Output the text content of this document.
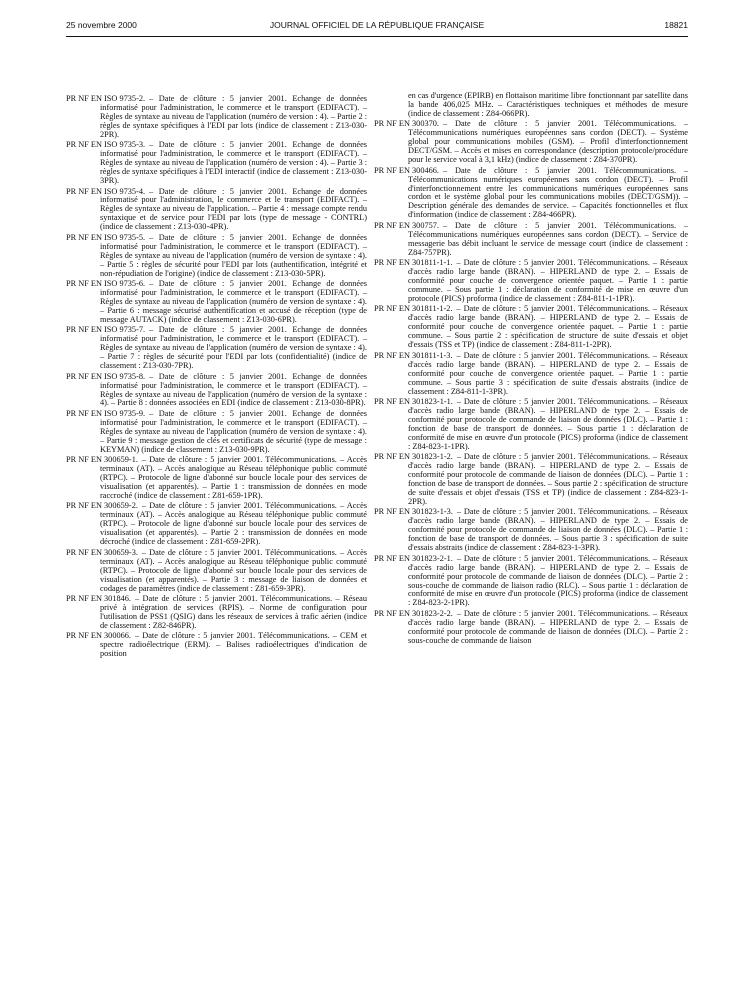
25 novembre 2000	JOURNAL OFFICIEL DE LA RÉPUBLIQUE FRANÇAISE	18821
PR NF EN ISO 9735-2. – Date de clôture : 5 janvier 2001. Echange de données informatisé pour l'administration, le commerce et le transport (EDIFACT). – Règles de syntaxe au niveau de l'application (numéro de version : 4). – Partie 2 : règles de syntaxe spécifiques à l'EDI par lots (indice de classement : Z13-030-2PR).
PR NF EN ISO 9735-3. – Date de clôture : 5 janvier 2001. Echange de données informatisé pour l'administration, le commerce et le transport (EDIFACT). – Règles de syntaxe au niveau de l'application (numéro de version : 4). – Partie 3 : règles de syntaxe spécifiques à l'EDI interactif (indice de classement : Z13-030-3PR).
PR NF EN ISO 9735-4. – Date de clôture : 5 janvier 2001. Echange de données informatisé pour l'administration, le commerce et le transport (EDIFACT). – Règles de syntaxe au niveau de l'application. – Partie 4 : message compte rendu syntaxique et de service pour l'EDI par lots (type de message - CONTRL) (indice de classement : Z13-030-4PR).
PR NF EN ISO 9735-5. – Date de clôture : 5 janvier 2001. Echange de données informatisé pour l'administration, le commerce et le transport (EDIFACT). – Règles de syntaxe au niveau de l'application (numéro de version de syntaxe : 4). – Partie 5 : règles de sécurité pour l'EDI par lots (authentification, intégrité et non-répudiation de l'origine) (indice de classement : Z13-030-5PR).
PR NF EN ISO 9735-6. – Date de clôture : 5 janvier 2001. Echange de données informatisé pour l'administration, le commerce et le transport (EDIFACT). – Règles de syntaxe au niveau de l'application (numéro de version de syntaxe : 4). – Partie 6 : message sécurisé authentification et accusé de réception (type de message AUTACK) (indice de classement : Z13-030-6PR).
PR NF EN ISO 9735-7. – Date de clôture : 5 janvier 2001. Echange de données informatisé pour l'administration, le commerce et le transport (EDIFACT). – Règles de syntaxe au niveau de l'application (numéro de version de syntaxe : 4). – Partie 7 : règles de sécurité pour l'EDI par lots (confidentialité) (indice de classement : Z13-030-7PR).
PR NF EN ISO 9735-8. – Date de clôture : 5 janvier 2001. Echange de données informatisé pour l'administration, le commerce et le transport (EDIFACT). – Règles de syntaxe au niveau de l'application (numéro de version de la syntaxe : 4). – Partie 8 : données associées en EDI (indice de classement : Z13-030-8PR).
PR NF EN ISO 9735-9. – Date de clôture : 5 janvier 2001. Echange de données informatisé pour l'administration, le commerce et le transport (EDIFACT). – Règles de syntaxe au niveau de l'application (numéro de version de syntaxe : 4). – Partie 9 : message gestion de clés et certificats de sécurité (type de message : KEYMAN) (indice de classement : Z13-030-9PR).
PR NF EN 300659-1. – Date de clôture : 5 janvier 2001. Télécommunications. – Accès terminaux (AT). – Accès analogique au Réseau téléphonique public commuté (RTPC). – Protocole de ligne d'abonné sur boucle locale pour des services de visualisation (et apparentés). – Partie 1 : transmission de données en mode raccroché (indice de classement : Z81-659-1PR).
PR NF EN 300659-2. – Date de clôture : 5 janvier 2001. Télécommunications. – Accès terminaux (AT). – Accès analogique au Réseau téléphonique public commuté (RTPC). – Protocole de ligne d'abonné sur boucle locale pour des services de visualisation (et apparentés). – Partie 2 : transmission de données en mode décroché (indice de classement : Z81-659-2PR).
PR NF EN 300659-3. – Date de clôture : 5 janvier 2001. Télécommunications. – Accès terminaux (AT). – Accès analogique au Réseau téléphonique public commuté (RTPC). – Protocole de ligne d'abonné sur boucle locale pour des services de visualisation (et apparentés). – Partie 3 : message de liaison de données et codages de paramètres (indice de classement : Z81-659-3PR).
PR NF EN 301846. – Date de clôture : 5 janvier 2001. Télécommunications. – Réseau privé à intégration de services (RPIS). – Norme de configuration pour l'utilisation de PSS1 (QSIG) dans les réseaux de services à trafic aérien (indice de classement : Z82-846PR).
PR NF EN 300066. – Date de clôture : 5 janvier 2001. Télécommunications. – CEM et spectre radioélectrique (ERM). – Balises radioélectriques d'indication de position
en cas d'urgence (EPIRB) en flottaison maritime libre fonctionnant par satellite dans la bande 406,025 MHz. – Caractéristiques techniques et méthodes de mesure (indice de classement : Z84-066PR).
PR NF EN 300370. – Date de clôture : 5 janvier 2001. Télécommunications. – Télécommunications numériques européennes sans cordon (DECT). – Système global pour communications mobiles (GSM). – Profil d'interfonctionnement DECT/GSM. – Accès et mises en correspondance (description protocole/procédure pour le service vocal à 3,1 kHz) (indice de classement : Z84-370PR).
PR NF EN 300466. – Date de clôture : 5 janvier 2001. Télécommunications. – Télécommunications numériques européennes sans cordon (DECT). – Profil d'interfonctionnement entre les communications numériques européennes sans cordon et le système global pour les communications mobiles (DECT/GSM)). – Description générale des demandes de service. – Capacités fonctionnelles et flux d'information (indice de classement : Z84-466PR).
PR NF EN 300757. – Date de clôture : 5 janvier 2001. Télécommunications. – Télécommunications numériques européennes sans cordon (DECT). – Service de messagerie bas débit incluant le service de message court (indice de classement : Z84-757PR).
PR NF EN 301811-1-1. – Date de clôture : 5 janvier 2001. Télécommunications. – Réseaux d'accès radio large bande (BRAN). – HIPERLAND de type 2. – Essais de conformité pour couche de convergence orientée paquet. – Partie 1 : partie commune. – Sous partie 1 : déclaration de conformité de mise en œuvre d'un protocole (PICS) proforma (indice de classement : Z84-811-1-1PR).
PR NF EN 301811-1-2. – Date de clôture : 5 janvier 2001. Télécommunications. – Réseaux d'accès radio large bande (BRAN). – HIPERLAND de type 2. – Essais de conformité pour couche de convergence orientée paquet. – Partie 1 : partie commune. – Sous partie 2 : spécification de structure de suite d'essais et objet d'essais (TSS et TP) (indice de classement : Z84-811-1-2PR).
PR NF EN 301811-1-3. – Date de clôture : 5 janvier 2001. Télécommunications. – Réseaux d'accès radio large bande (BRAN). – HIPERLAND de type 2. – Essais de conformité pour couche de convergence orientée paquet. – Partie 1 : partie commune. – Sous partie 3 : spécification de suite d'essais abstraits (indice de classement : Z84-811-1-3PR).
PR NF EN 301823-1-1. – Date de clôture : 5 janvier 2001. Télécommunications. – Réseaux d'accès radio large bande (BRAN). – HIPERLAND de type 2. – Essais de conformité pour protocole de commande de liaison de données (DLC). – Partie 1 : fonction de base de transport de données. – Sous partie 1 : déclaration de conformité de mise en œuvre d'un protocole (PICS) proforma (indice de classement : Z84-823-1-1PR).
PR NF EN 301823-1-2. – Date de clôture : 5 janvier 2001. Télécommunications. – Réseaux d'accès radio large bande (BRAN). – HIPERLAND de type 2. – Essais de conformité pour protocole de commande de liaison de données (DLC). – Partie 1 : fonction de base de transport de données. – Sous partie 2 : spécification de structure de suite d'essais et objet d'essais (TSS et TP) (indice de classement : Z84-823-1-2PR).
PR NF EN 301823-1-3. – Date de clôture : 5 janvier 2001. Télécommunications. – Réseaux d'accès radio large bande (BRAN). – HIPERLAND de type 2. – Essais de conformité pour protocole de commande de liaison de données (DLC). – Partie 1 : fonction de base de transport de données. – Sous partie 3 : spécification de suite d'essais abstraits (indice de classement : Z84-823-1-3PR).
PR NF EN 301823-2-1. – Date de clôture : 5 janvier 2001. Télécommunications. – Réseaux d'accès radio large bande (BRAN). – HIPERLAND de type 2. – Essais de conformité pour protocole de commande de liaison de données (DLC). – Partie 2 : sous-couche de commande de liaison radio (RLC). – Sous partie 1 : déclaration de conformité de mise en œuvre d'un protocole (PICS) proforma (indice de classement : Z84-823-2-1PR).
PR NF EN 301823-2-2. – Date de clôture : 5 janvier 2001. Télécommunications. – Réseaux d'accès radio large bande (BRAN). – HIPERLAND de type 2. – Essais de conformité pour protocole de commande de liaison de données (DLC). – Partie 2 : sous-couche de commande de liaison
